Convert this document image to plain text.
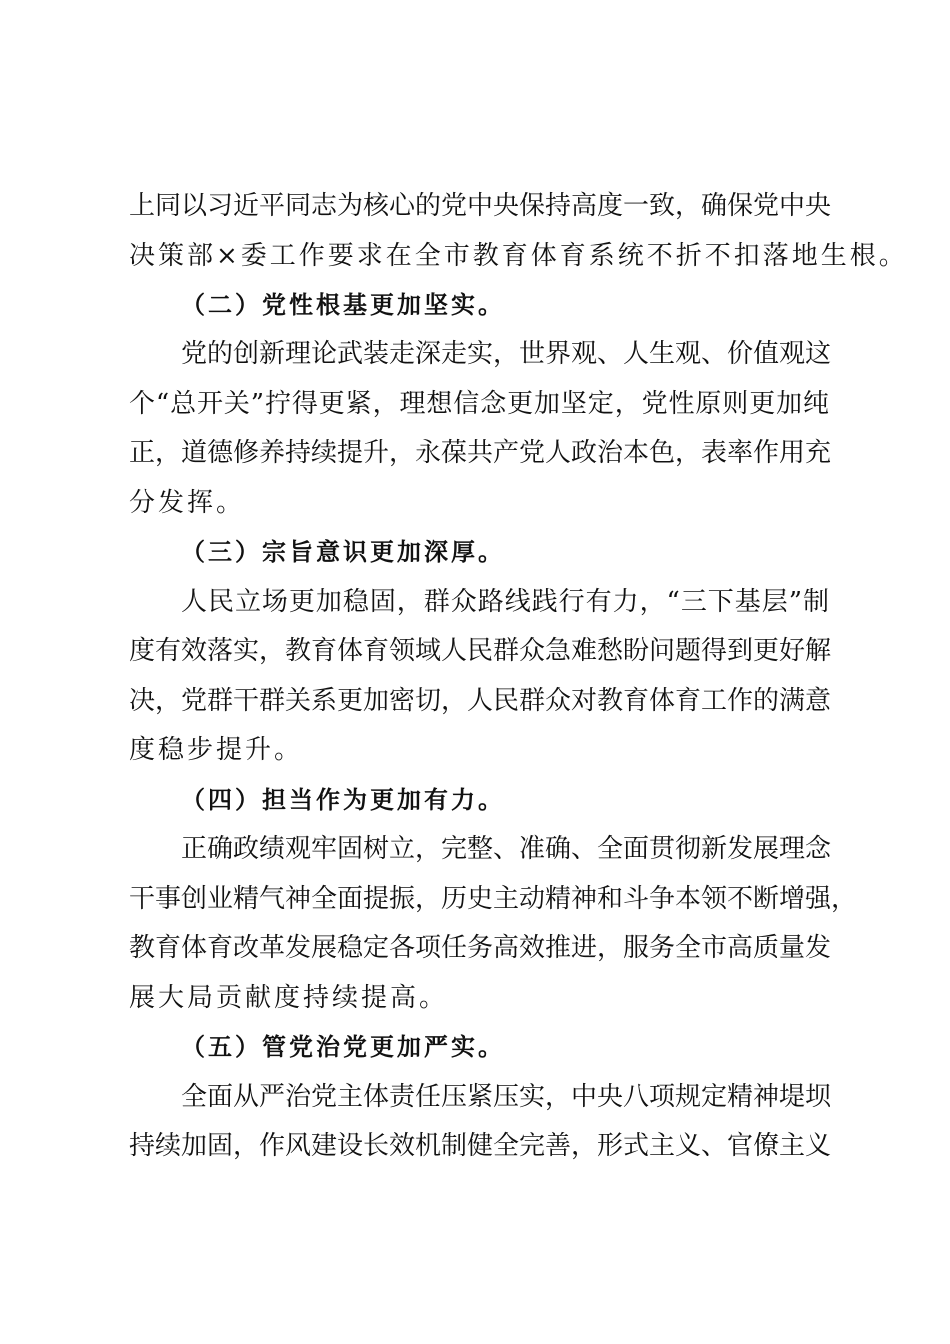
上同以习近平同志为核心的党中央保持高度一致，确保党中央
决策部×委工作要求在全市教育体育系统不折不扣落地生根。
（二）党性根基更加坚实。
党的创新理论武装走深走实，世界观、人生观、价值观这
个“总开关”拧得更紧，理想信念更加坚定，党性原则更加纯
正，道德修养持续提升，永葆共产党人政治本色，表率作用充
分发挥。
（三）宗旨意识更加深厚。
人民立场更加稳固，群众路线践行有力，“三下基层”制
度有效落实，教育体育领域人民群众急难愁盼问题得到更好解
决，党群干群关系更加密切，人民群众对教育体育工作的满意
度稳步提升。
（四）担当作为更加有力。
正确政绩观牢固树立，完整、准确、全面贯彻新发展理念
干事创业精气神全面提振，历史主动精神和斗争本领不断增强，
教育体育改革发展稳定各项任务高效推进，服务全市高质量发
展大局贡献度持续提高。
（五）管党治党更加严实。
全面从严治党主体责任压紧压实，中央八项规定精神堤坝
持续加固，作风建设长效机制健全完善，形式主义、官僚主义
